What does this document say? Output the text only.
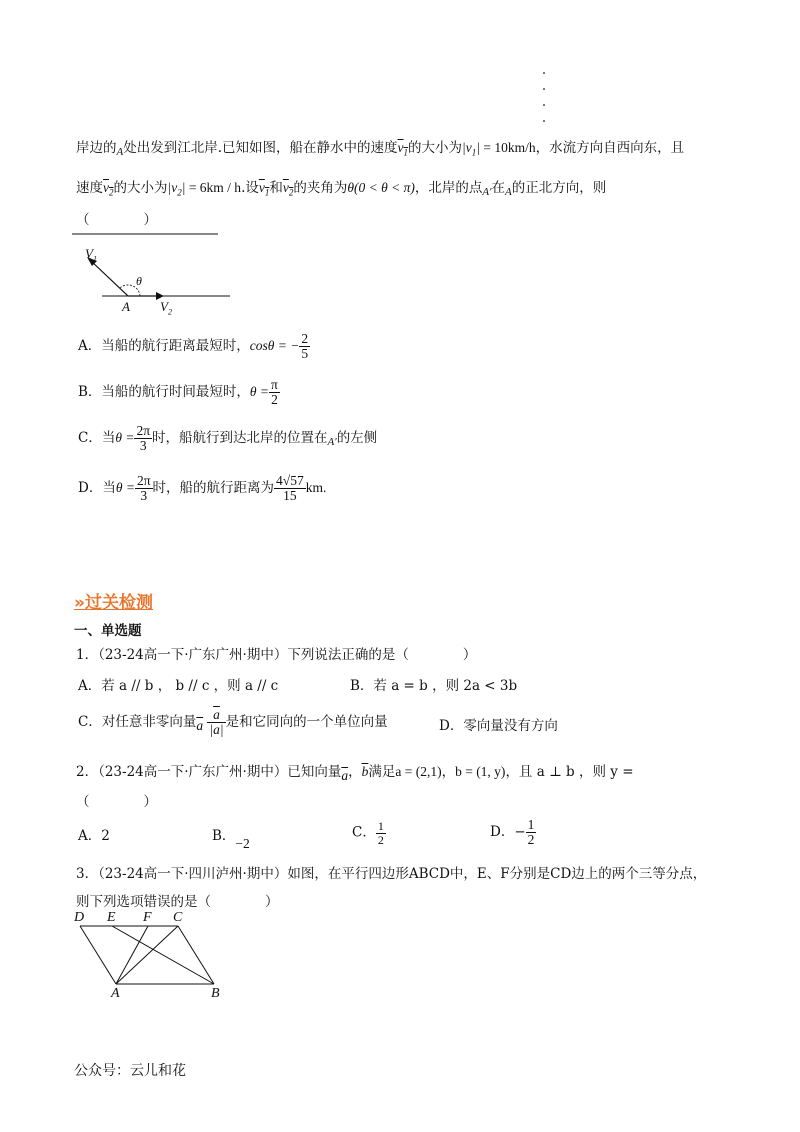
岸边的$_A$处出发到江北岸.已知如图，船在静水中的速度$v_1$的大小为$|v_1| = 10km/h$，水流方向自西向东，且
速度$v_2$的大小为$|v_2| = 6km / h$.设$v_1$和$v_2$的夹角为θ(0 < θ < π)，北岸的点$_{A'}$在$_A$的正北方向，则
（　　　　）
$V_1$
θ
A $V_2$
A．当船的航行距离最短时，cosθ = − $\frac{2}{5}$
B．当船的航行时间最短时，$\theta = \frac{\pi}{2}$
C．当$\theta = \frac{2\pi}{3}$ 时，船航行到达北岸的位置在$_{A'}$的左侧
D．当$\theta = \frac{2\pi}{3}$ 时，船的航行距离为 $\frac{4√57}{15}$ km.
»过关检测
一、单选题
1．（23-24高一下·广东广州·期中）下列说法正确的是（　　　　）
A．若 a // b ， b // c ，则 a // c	B．若 a = b ，则 2a < 3b
C．对任意非零向量$\overline{a} \frac{\overline{a}}{|a|}$ 是和它同向的一个单位向量	D．零向量没有方向
2．（23-24高一下·广东广州·期中）已知向量$\overline{a}$，$\overline{b}$满足a = (2,1)，b = (1, y)，且 a ⊥ b ，则 y =
（　　　　）
A．2	B．−2
C． $\frac{1}{2}$	D．− $\frac{1}{2}$
3．（23-24高一下·四川泸州·期中）如图，在平行四边形ABCD中，E、F分别是CD边上的两个三等分点，
则下列选项错误的是（　　　　）
D E F C
A	B
公众号：云儿和花
